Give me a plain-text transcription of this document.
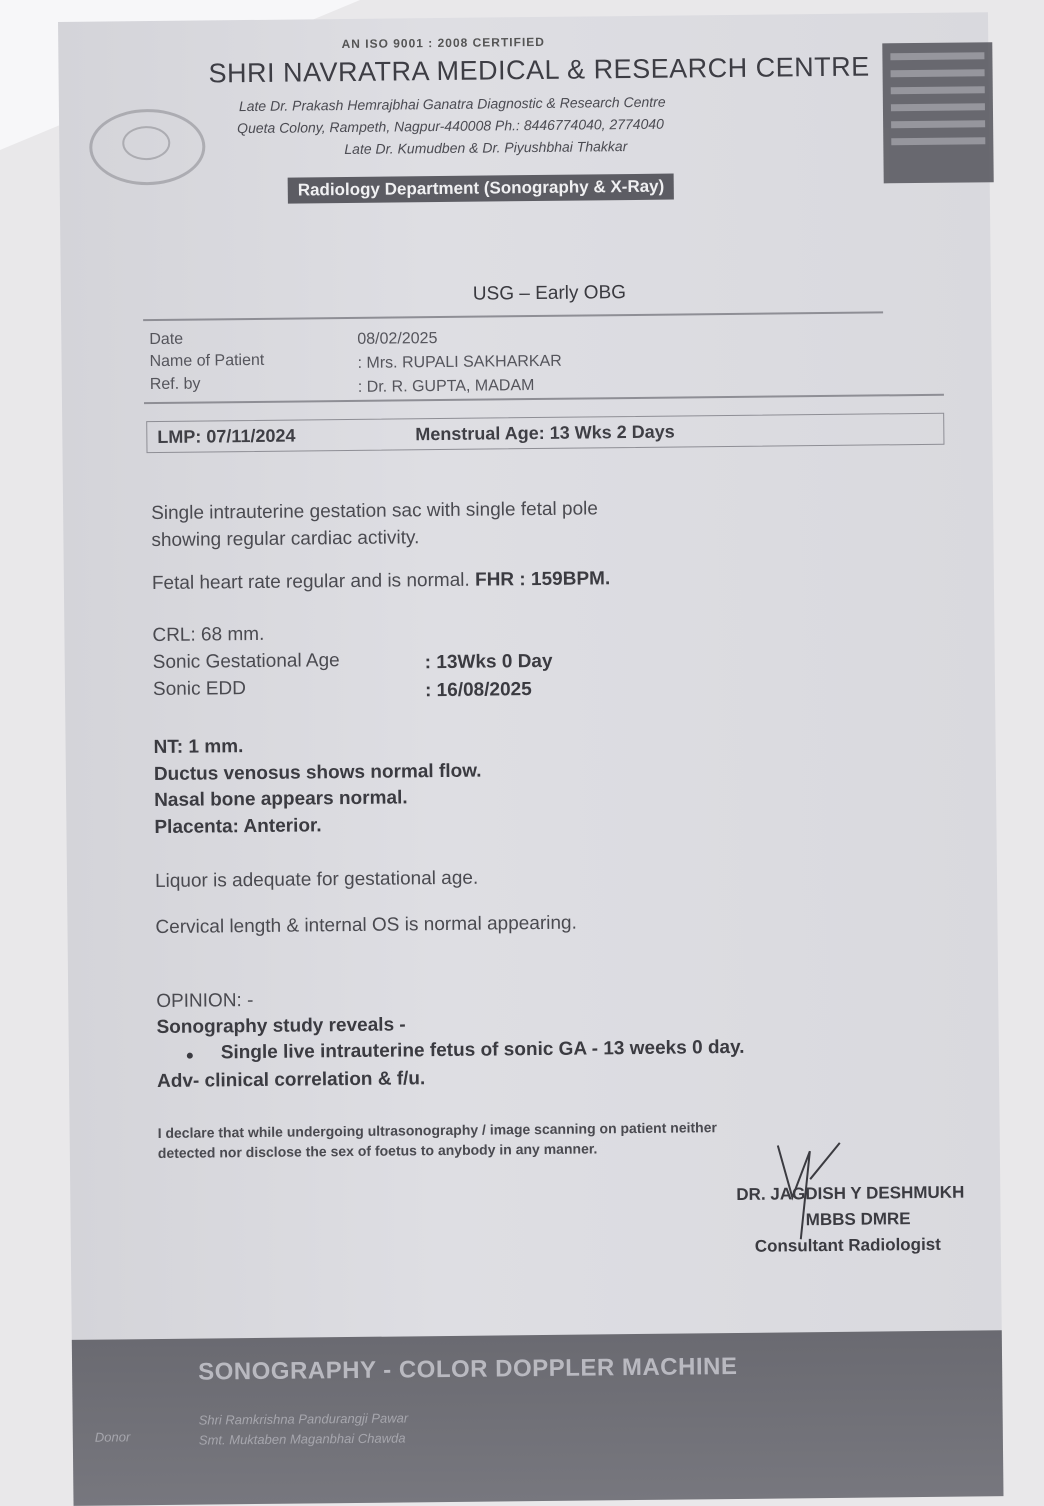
AN ISO 9001 : 2008 CERTIFIED
SHRI NAVRATRA MEDICAL & RESEARCH CENTRE
Late Dr. Prakash Hemrajbhai Ganatra Diagnostic & Research Centre
Queta Colony, Rampeth, Nagpur-440008 Ph.: 8446774040, 2774040
Late Dr. Kumudben & Dr. Piyushbhai Thakkar
Radiology Department (Sonography & X-Ray)
USG – Early OBG
Date	08/02/2025
Name of Patient	: Mrs. RUPALI SAKHARKAR
Ref. by	: Dr. R. GUPTA, MADAM
LMP: 07/11/2024	Menstrual Age: 13 Wks 2 Days
Single intrauterine gestation sac with single fetal pole
showing regular cardiac activity.
Fetal heart rate regular and is normal. FHR : 159BPM.
CRL: 68 mm.
Sonic Gestational Age	: 13Wks 0 Day
Sonic EDD	: 16/08/2025
NT: 1 mm.
Ductus venosus shows normal flow.
Nasal bone appears normal.
Placenta: Anterior.
Liquor is adequate for gestational age.
Cervical length & internal OS is normal appearing.
OPINION: -
Sonography study reveals -
Single live intrauterine fetus of sonic GA - 13 weeks 0 day.
Adv- clinical correlation & f/u.
I declare that while undergoing ultrasonography / image scanning on patient neither
detected nor disclose the sex of foetus to anybody in any manner.
DR. JAGDISH Y DESHMUKH
MBBS DMRE
Consultant Radiologist
SONOGRAPHY - COLOR DOPPLER MACHINE
Donor
Shri Ramkrishna Pandurangji Pawar
Smt. Muktaben Maganbhai Chawda
